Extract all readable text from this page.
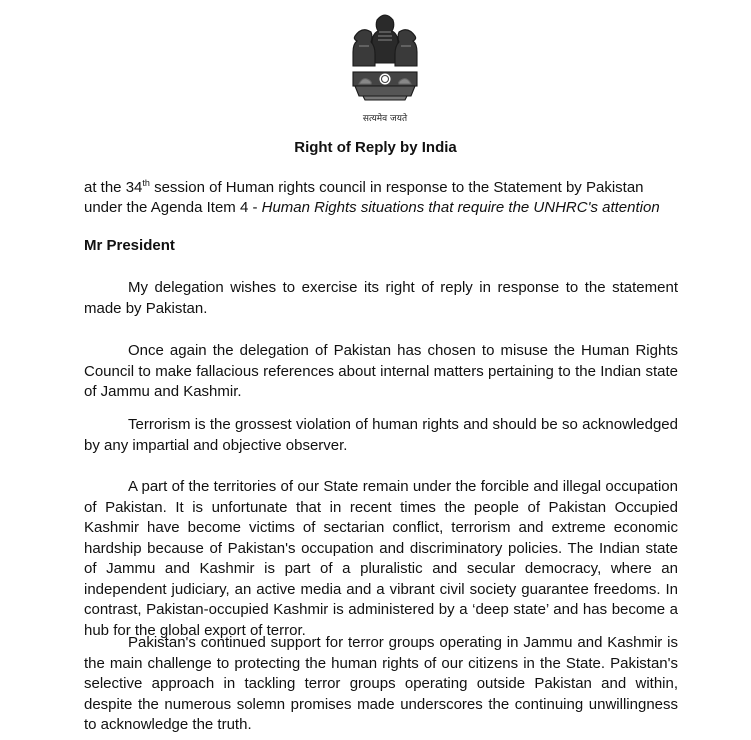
सत्यमेव जयते
Right of Reply by India
at the 34th session of Human rights council in response to the Statement by Pakistan under the Agenda Item 4 - Human Rights situations that require the UNHRC's attention
Mr President

My delegation wishes to exercise its right of reply in response to the statement made by Pakistan.

Once again the delegation of Pakistan has chosen to misuse the Human Rights Council to make fallacious references about internal matters pertaining to the Indian state of Jammu and Kashmir.

Terrorism is the grossest violation of human rights and should be so acknowledged by any impartial and objective observer.

A part of the territories of our State remain under the forcible and illegal occupation of Pakistan. It is unfortunate that in recent times the people of Pakistan Occupied Kashmir have become victims of sectarian conflict, terrorism and extreme economic hardship because of Pakistan's occupation and discriminatory policies. The Indian state of Jammu and Kashmir is part of a pluralistic and secular democracy, where an independent judiciary, an active media and a vibrant civil society guarantee freedoms. In contrast, Pakistan-occupied Kashmir is administered by a ‘deep state’ and has become a hub for the global export of terror.

Pakistan's continued support for terror groups operating in Jammu and Kashmir is the main challenge to protecting the human rights of our citizens in the State. Pakistan's selective approach in tackling terror groups operating outside Pakistan and within, despite the numerous solemn promises made underscores the continuing unwillingness to acknowledge the truth.
